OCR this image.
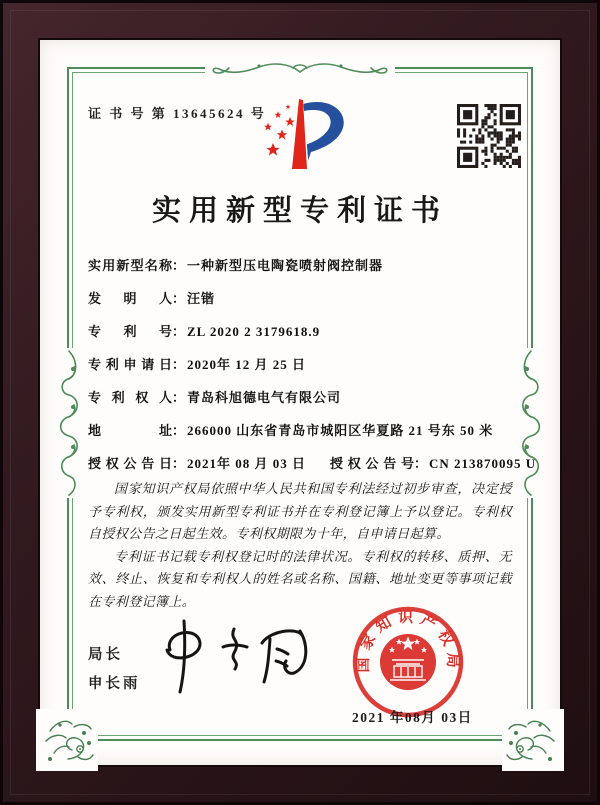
证 书 号 第 13645624 号
实用新型专利证书
实用新型名称： 一种新型压电陶瓷喷射阀控制器
发明人： 汪锴
专利号： ZL 2020 2 3179618.9
专利申请日： 2020年 12 月 25 日
专利权人： 青岛科旭德电气有限公司
地址： 266000 山东省青岛市城阳区华夏路 21 号东 50 米
授权公告日： 2021年 08 月 03 日 授权公告号： CN 213870095 U

国家知识产权局依照中华人民共和国专利法经过初步审查，决定授予专利权，颁发实用新型专利证书并在专利登记簿上予以登记。专利权自授权公告之日起生效。专利权期限为十年，自申请日起算。

专利证书记载专利权登记时的法律状况。专利权的转移、质押、无效、终止、恢复和专利权人的姓名或名称、国籍、地址变更等事项记载在专利登记簿上。

局长
申长雨
国家知识产权局
2021 年08月 03日
